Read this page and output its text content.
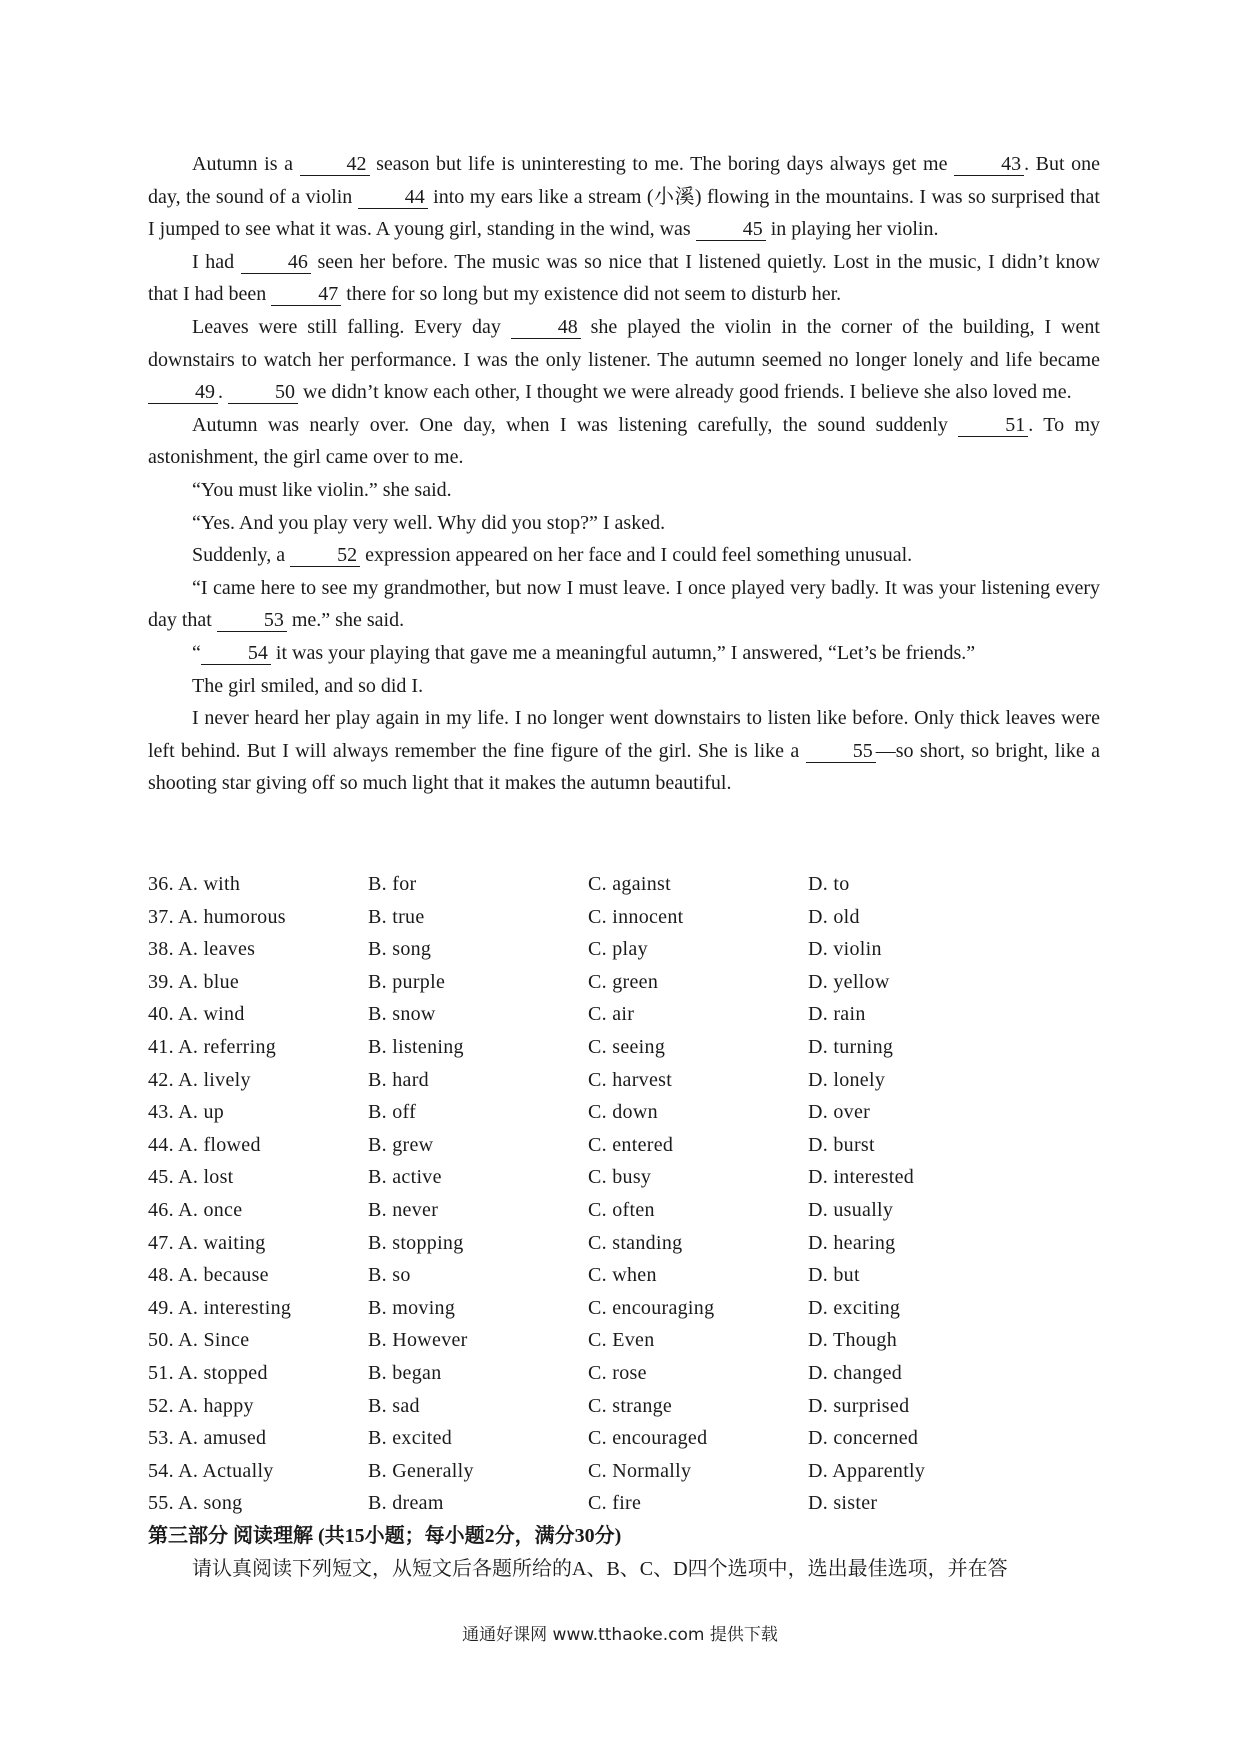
Autumn is a 42 season but life is uninteresting to me. The boring days always get me 43 . But one day, the sound of a violin 44 into my ears like a stream (小溪) flowing in the mountains. I was so surprised that I jumped to see what it was. A young girl, standing in the wind, was 45 in playing her violin.

I had 46 seen her before. The music was so nice that I listened quietly. Lost in the music, I didn’t know that I had been 47 there for so long but my existence did not seem to disturb her.

Leaves were still falling. Every day 48 she played the violin in the corner of the building, I went downstairs to watch her performance. I was the only listener. The autumn seemed no longer lonely and life became 49 . 50 we didn’t know each other, I thought we were already good friends. I believe she also loved me.

Autumn was nearly over. One day, when I was listening carefully, the sound suddenly 51 . To my astonishment, the girl came over to me.

“You must like violin.” she said.

“Yes. And you play very well. Why did you stop?” I asked.

Suddenly, a 52 expression appeared on her face and I could feel something unusual.

“I came here to see my grandmother, but now I must leave. I once played very badly. It was your listening every day that 53 me.” she said.

“ 54 it was your playing that gave me a meaningful autumn,” I answered, “Let’s be friends.”

The girl smiled, and so did I.

I never heard her play again in my life. I no longer went downstairs to listen like before. Only thick leaves were left behind. But I will always remember the fine figure of the girl. She is like a 55 —so short, so bright, like a shooting star giving off so much light that it makes the autumn beautiful.

36. A. with	B. for	C. against	D. to
37. A. humorous	B. true	C. innocent	D. old
38. A. leaves	B. song	C. play	D. violin
39. A. blue	B. purple	C. green	D. yellow
40. A. wind	B. snow	C. air	D. rain
41. A. referring	B. listening	C. seeing	D. turning
42. A. lively	B. hard	C. harvest	D. lonely
43. A. up	B. off	C. down	D. over
44. A. flowed	B. grew	C. entered	D. burst
45. A. lost	B. active	C. busy	D. interested
46. A. once	B. never	C. often	D. usually
47. A. waiting	B. stopping	C. standing	D. hearing
48. A. because	B. so	C. when	D. but
49. A. interesting	B. moving	C. encouraging	D. exciting
50. A. Since	B. However	C. Even	D. Though
51. A. stopped	B. began	C. rose	D. changed
52. A. happy	B. sad	C. strange	D. surprised
53. A. amused	B. excited	C. encouraged	D. concerned
54. A. Actually	B. Generally	C. Normally	D. Apparently
55. A. song	B. dream	C. fire	D. sister
第三部分 阅读理解 (共15小题；每小题2分，满分30分)
请认真阅读下列短文，从短文后各题所给的A、B、C、D四个选项中，选出最佳选项，并在答
通通好课网 www.tthaoke.com 提供下载
